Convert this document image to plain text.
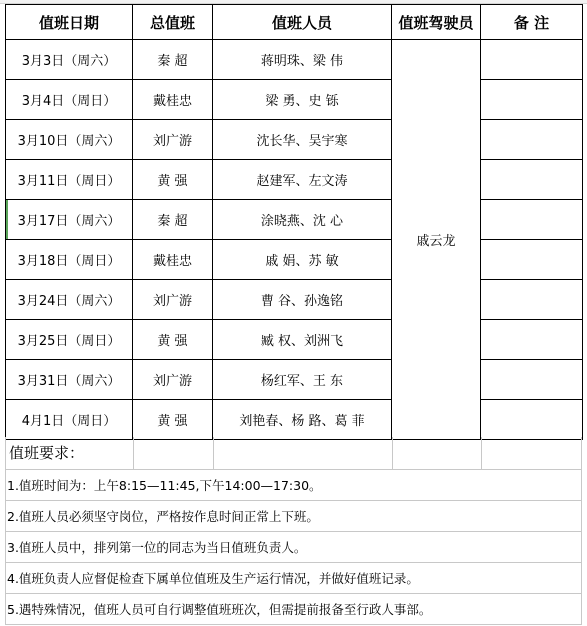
值班日期	总值班	值班人员	值班驾驶员	备 注
3月3日（周六）	秦 超	蒋明珠、梁 伟	戚云龙	
3月4日（周日）	戴桂忠	梁 勇、史 铄		
3月10日（周六）	刘广游	沈长华、吴宇寒		
3月11日（周日）	黄 强	赵建军、左文涛		
3月17日（周六）	秦 超	涂晓燕、沈 心		
3月18日（周日）	戴桂忠	戚 娟、苏 敏		
3月24日（周六）	刘广游	曹 谷、孙逸铭		
3月25日（周日）	黄 强	臧 权、刘洲飞		
3月31日（周六）	刘广游	杨红军、王 东		
4月1日（周日）	黄 强	刘艳春、杨 路、葛 菲		
值班要求：
1.值班时间为：上午8:15—11:45,下午14:00—17:30。
2.值班人员必须坚守岗位，严格按作息时间正常上下班。
3.值班人员中，排列第一位的同志为当日值班负责人。
4.值班负责人应督促检查下属单位值班及生产运行情况，并做好值班记录。
5.遇特殊情况，值班人员可自行调整值班班次，但需提前报备至行政人事部。
